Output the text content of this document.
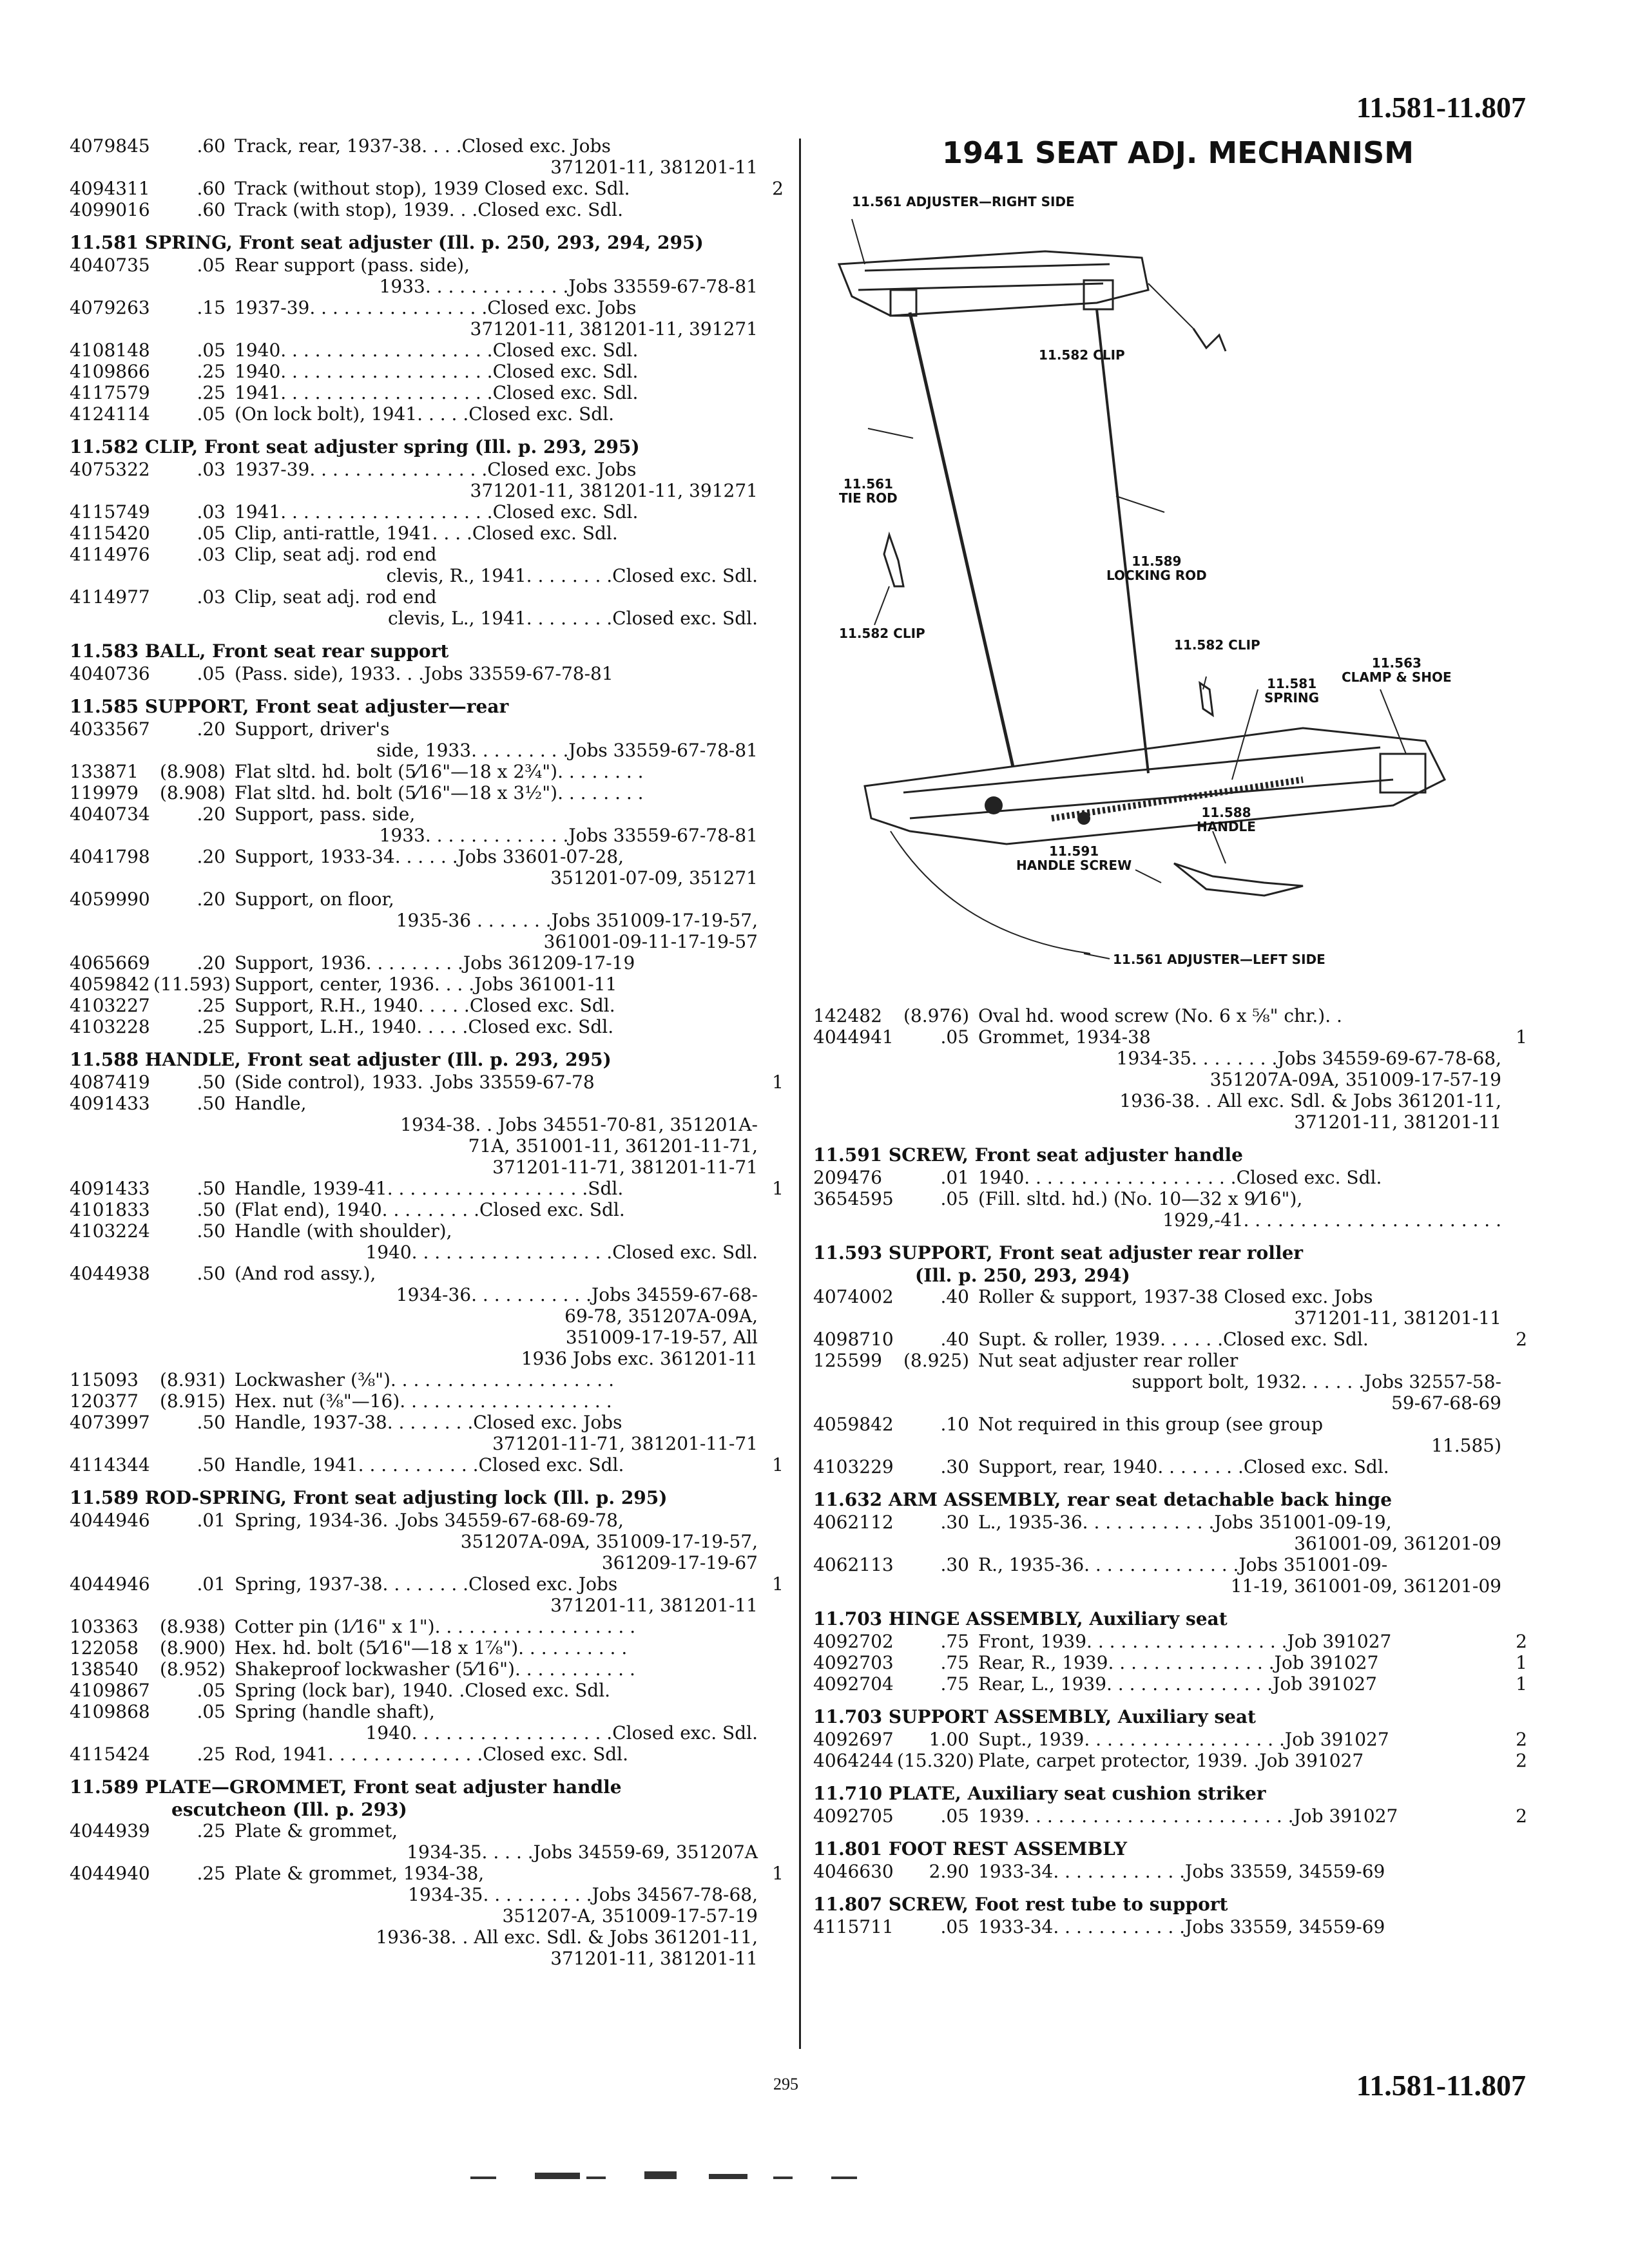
11.581-11.807
4079845	.60 Track, rear, 1937-38. . . .Closed exc. Jobs
371201-11, 381201-11
4094311	.60 Track (without stop), 1939 Closed exc. Sdl.	2
4099016	.60 Track (with stop), 1939. . .Closed exc. Sdl.
11.581 SPRING, Front seat adjuster (Ill. p. 250, 293, 294, 295)
4040735	.05 Rear support (pass. side),
1933. . . . . . . . . . . . .Jobs 33559-67-78-81
4079263	.15 1937-39. . . . . . . . . . . . . . . .Closed exc. Jobs
371201-11, 381201-11, 391271
4108148	.05 1940. . . . . . . . . . . . . . . . . . .Closed exc. Sdl.
4109866	.25 1940. . . . . . . . . . . . . . . . . . .Closed exc. Sdl.
4117579	.25 1941. . . . . . . . . . . . . . . . . . .Closed exc. Sdl.
4124114	.05 (On lock bolt), 1941. . . . .Closed exc. Sdl.
11.582 CLIP, Front seat adjuster spring (Ill. p. 293, 295)
4075322	.03 1937-39. . . . . . . . . . . . . . . .Closed exc. Jobs
371201-11, 381201-11, 391271
4115749	.03 1941. . . . . . . . . . . . . . . . . . .Closed exc. Sdl.
4115420	.05 Clip, anti-rattle, 1941. . . .Closed exc. Sdl.
4114976	.03 Clip, seat adj. rod end
clevis, R., 1941. . . . . . . .Closed exc. Sdl.
4114977	.03 Clip, seat adj. rod end
clevis, L., 1941. . . . . . . .Closed exc. Sdl.
11.583 BALL, Front seat rear support
4040736	.05 (Pass. side), 1933. . .Jobs 33559-67-78-81
11.585 SUPPORT, Front seat adjuster—rear
4033567	.20 Support, driver's
side, 1933. . . . . . . . .Jobs 33559-67-78-81
133871	(8.908) Flat sltd. hd. bolt (5⁄16"—18 x 2¾"). . . . . . . .
119979	(8.908) Flat sltd. hd. bolt (5⁄16"—18 x 3½"). . . . . . . .
4040734	.20 Support, pass. side,
1933. . . . . . . . . . . . .Jobs 33559-67-78-81
4041798	.20 Support, 1933-34. . . . . .Jobs 33601-07-28,
351201-07-09, 351271
4059990	.20 Support, on floor,
1935-36 . . . . . . .Jobs 351009-17-19-57,
361001-09-11-17-19-57
4065669	.20 Support, 1936. . . . . . . . .Jobs 361209-17-19
4059842 (11.593) Support, center, 1936. . . .Jobs 361001-11
4103227	.25 Support, R.H., 1940. . . . .Closed exc. Sdl.
4103228	.25 Support, L.H., 1940. . . . .Closed exc. Sdl.
11.588 HANDLE, Front seat adjuster (Ill. p. 293, 295)
4087419	.50 (Side control), 1933. .Jobs 33559-67-78	1
4091433	.50 Handle,
1934-38. . Jobs 34551-70-81, 351201A-
71A, 351001-11, 361201-11-71,
371201-11-71, 381201-11-71
4091433	.50 Handle, 1939-41. . . . . . . . . . . . . . . . . .Sdl.	1
4101833	.50 (Flat end), 1940. . . . . . . . .Closed exc. Sdl.
4103224	.50 Handle (with shoulder),
1940. . . . . . . . . . . . . . . . . .Closed exc. Sdl.
4044938	.50 (And rod assy.),
1934-36. . . . . . . . . . .Jobs 34559-67-68-
69-78, 351207A-09A,
351009-17-19-57, All
1936 Jobs exc. 361201-11
115093	(8.931) Lockwasher (⅜"). . . . . . . . . . . . . . . . . . . .
120377	(8.915) Hex. nut (⅜"—16). . . . . . . . . . . . . . . . . . .
4073997	.50 Handle, 1937-38. . . . . . . .Closed exc. Jobs
371201-11-71, 381201-11-71
4114344	.50 Handle, 1941. . . . . . . . . . .Closed exc. Sdl.	1
11.589 ROD-SPRING, Front seat adjusting lock (Ill. p. 295)
4044946	.01 Spring, 1934-36. .Jobs 34559-67-68-69-78,
351207A-09A, 351009-17-19-57,
361209-17-19-67
4044946	.01 Spring, 1937-38. . . . . . . .Closed exc. Jobs	1
371201-11, 381201-11
103363	(8.938) Cotter pin (1⁄16" x 1"). . . . . . . . . . . . . . . . . .
122058	(8.900) Hex. hd. bolt (5⁄16"—18 x 1⅞"). . . . . . . . . .
138540	(8.952) Shakeproof lockwasher (5⁄16"). . . . . . . . . . .
4109867	.05 Spring (lock bar), 1940. .Closed exc. Sdl.
4109868	.05 Spring (handle shaft),
1940. . . . . . . . . . . . . . . . . .Closed exc. Sdl.
4115424	.25 Rod, 1941. . . . . . . . . . . . . .Closed exc. Sdl.
11.589 PLATE—GROMMET, Front seat adjuster handle
escutcheon (Ill. p. 293)
4044939	.25 Plate & grommet,
1934-35. . . . .Jobs 34559-69, 351207A
4044940	.25 Plate & grommet, 1934-38,	1
1934-35. . . . . . . . . .Jobs 34567-78-68,
351207-A, 351009-17-57-19
1936-38. . All exc. Sdl. & Jobs 361201-11,
371201-11, 381201-11
1941 SEAT ADJ. MECHANISM
11.561 ADJUSTER—RIGHT SIDE
11.582 CLIP
11.561
TIE ROD
11.582 CLIP
11.589
LOCKING ROD
11.582 CLIP
11.563
CLAMP & SHOE
11.581
SPRING
11.588
HANDLE
11.591
HANDLE SCREW
11.561 ADJUSTER—LEFT SIDE
142482	(8.976) Oval hd. wood screw (No. 6 x ⅝" chr.). .
4044941	.05 Grommet, 1934-38	1
1934-35. . . . . . . .Jobs 34559-69-67-78-68,
351207A-09A, 351009-17-57-19
1936-38. . All exc. Sdl. & Jobs 361201-11,
371201-11, 381201-11
11.591 SCREW, Front seat adjuster handle
209476	.01 1940. . . . . . . . . . . . . . . . . . .Closed exc. Sdl.
3654595	.05 (Fill. sltd. hd.) (No. 10—32 x 9⁄16"),
1929,-41. . . . . . . . . . . . . . . . . . . . . . .
11.593 SUPPORT, Front seat adjuster rear roller
(Ill. p. 250, 293, 294)
4074002	.40 Roller & support, 1937-38 Closed exc. Jobs
371201-11, 381201-11
4098710	.40 Supt. & roller, 1939. . . . . .Closed exc. Sdl.	2
125599	(8.925) Nut seat adjuster rear roller
support bolt, 1932. . . . . .Jobs 32557-58-
59-67-68-69
4059842	.10 Not required in this group (see group
11.585)
4103229	.30 Support, rear, 1940. . . . . . . .Closed exc. Sdl.
11.632 ARM ASSEMBLY, rear seat detachable back hinge
4062112	.30 L., 1935-36. . . . . . . . . . . .Jobs 351001-09-19,
361001-09, 361201-09
4062113	.30 R., 1935-36. . . . . . . . . . . . . .Jobs 351001-09-
11-19, 361001-09, 361201-09
11.703 HINGE ASSEMBLY, Auxiliary seat
4092702	.75 Front, 1939. . . . . . . . . . . . . . . . . .Job 391027	2
4092703	.75 Rear, R., 1939. . . . . . . . . . . . . . .Job 391027	1
4092704	.75 Rear, L., 1939. . . . . . . . . . . . . . .Job 391027	1
11.703 SUPPORT ASSEMBLY, Auxiliary seat
4092697	1.00 Supt., 1939. . . . . . . . . . . . . . . . . .Job 391027	2
4064244 (15.320) Plate, carpet protector, 1939. .Job 391027	2
11.710 PLATE, Auxiliary seat cushion striker
4092705	.05 1939. . . . . . . . . . . . . . . . . . . . . . . .Job 391027	2
11.801 FOOT REST ASSEMBLY
4046630	2.90 1933-34. . . . . . . . . . . .Jobs 33559, 34559-69
11.807 SCREW, Foot rest tube to support
4115711	.05 1933-34. . . . . . . . . . . .Jobs 33559, 34559-69
295	11.581-11.807
